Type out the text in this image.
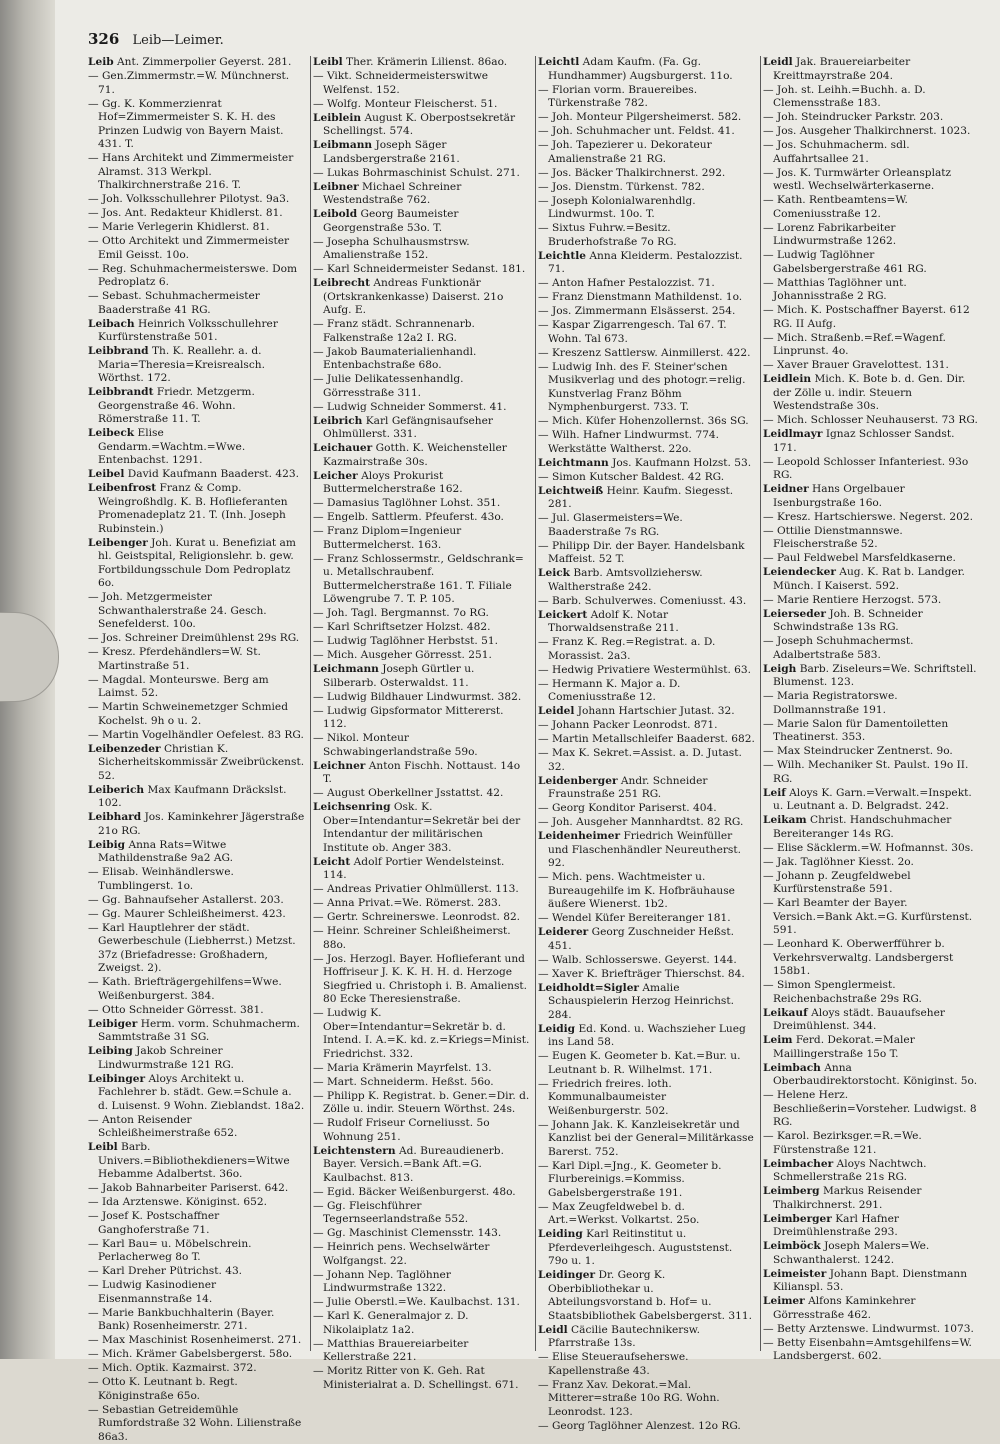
326 Leib—Leimer.
Leib Ant. Zimmerpolier Geyerst. 281.
— Gen.Zimmermstr.=W. Münchnerst. 71.
— Gg. K. Kommerzienrat Hof=Zimmermeister S. K. H. des Prinzen Ludwig von Bayern Maist. 431. T.
— Hans Architekt und Zimmermeister Alramst. 313 Werkpl. Thalkirchnerstraße 216. T.
— Joh. Volksschullehrer Pilotyst. 9a3.
— Jos. Ant. Redakteur Khidlerst. 81.
— Marie Verlegerin Khidlerst. 81.
— Otto Architekt und Zimmermeister Emil Geisst. 10o.
— Reg. Schuhmachermeisterswe. Dom Pedroplatz 6.
— Sebast. Schuhmachermeister Baaderstraße 41 RG.
Leibach Heinrich Volksschullehrer Kurfürstenstraße 501.
Leibbrand Th. K. Reallehr. a. d. Maria=Theresia=Kreisrealsch. Wörthst. 172.
Leibbrandt Friedr. Metzgerm. Georgenstraße 46. Wohn. Römerstraße 11. T.
Leibeck Elise Gendarm.=Wachtm.=Wwe. Entenbachst. 1291.
Leibel David Kaufmann Baaderst. 423.
Leibenfrost Franz & Comp. Weingroßhdlg. K. B. Hoflieferanten Promenadeplatz 21. T. (Inh. Joseph Rubinstein.)
Leibenger Joh. Kurat u. Benefiziat am hl. Geistspital, Religionslehr. b. gew. Fortbildungsschule Dom Pedroplatz 6o.
— Joh. Metzgermeister Schwanthalerstraße 24. Gesch. Senefelderst. 10o.
— Jos. Schreiner Dreimühlenst 29s RG.
— Kresz. Pferdehändlers=W. St. Martinstraße 51.
— Magdal. Monteurswe. Berg am Laimst. 52.
— Martin Schweinemetzger Schmied Kochelst. 9h o u. 2.
— Martin Vogelhändler Oefelest. 83 RG.
Leibenzeder Christian K. Sicherheitskommissär Zweibrückenst. 52.
Leiberich Max Kaufmann Dräckslst. 102.
Leibhard Jos. Kaminkehrer Jägerstraße 21o RG.
Leibig Anna Rats=Witwe Mathildenstraße 9a2 AG.
— Elisab. Weinhändlerswe. Tumblingerst. 1o.
— Gg. Bahnaufseher Astallerst. 203.
— Gg. Maurer Schleißheimerst. 423.
— Karl Hauptlehrer der städt. Gewerbeschule (Liebherrst.) Metzst. 37z (Briefadresse: Großhadern, Zweigst. 2).
— Kath. Briefträgergehilfens=Wwe. Weißenburgerst. 384.
— Otto Schneider Görresst. 381.
Leibiger Herm. vorm. Schuhmacherm. Sammtstraße 31 SG.
Leibing Jakob Schreiner Lindwurmstraße 121 RG.
Leibinger Aloys Architekt u. Fachlehrer b. städt. Gew.=Schule a. d. Luisenst. 9 Wohn. Zieblandst. 18a2.
— Anton Reisender Schleißheimerstraße 652.
Leibl Barb. Univers.=Bibliothekdieners=Witwe Hebamme Adalbertst. 36o.
— Jakob Bahnarbeiter Pariserst. 642.
— Ida Arztenswe. Königinst. 652.
— Josef K. Postschaffner Ganghoferstraße 71.
— Karl Bau= u. Möbelschrein. Perlacherweg 8o T.
— Karl Dreher Pütrichst. 43.
— Ludwig Kasinodiener Eisenmannstraße 14.
— Marie Bankbuchhalterin (Bayer. Bank) Rosenheimerstr. 271.
— Max Maschinist Rosenheimerst. 271.
— Mich. Krämer Gabelsbergerst. 58o.
— Mich. Optik. Kazmairst. 372.
— Otto K. Leutnant b. Regt. Königinstraße 65o.
— Sebastian Getreidemühle Rumfordstraße 32 Wohn. Lilienstraße 86a3.
Leibl Ther. Krämerin Lilienst. 86ao.
— Vikt. Schneidermeisterswitwe Welfenst. 152.
— Wolfg. Monteur Fleischerst. 51.
Leiblein August K. Oberpostsekretär Schellingst. 574.
Leibmann Joseph Säger Landsbergerstraße 2161.
— Lukas Bohrmaschinist Schulst. 271.
Leibner Michael Schreiner Westendstraße 762.
Leibold Georg Baumeister Georgenstraße 53o. T.
— Josepha Schulhausmstrsw. Amalienstraße 152.
— Karl Schneidermeister Sedanst. 181.
Leibrecht Andreas Funktionär (Ortskrankenkasse) Daiserst. 21o Aufg. E.
— Franz städt. Schrannenarb. Falkenstraße 12a2 I. RG.
— Jakob Baumaterialienhandl. Entenbachstraße 68o.
— Julie Delikatessenhandlg. Görresstraße 311.
— Ludwig Schneider Sommerst. 41.
Leibrich Karl Gefängnisaufseher Ohlmüllerst. 331.
Leichauer Gotth. K. Weichensteller Kazmairstraße 30s.
Leicher Aloys Prokurist Buttermelcherstraße 162.
— Damasius Taglöhner Lohst. 351.
— Engelb. Sattlerm. Pfeuferst. 43o.
— Franz Diplom=Ingenieur Buttermelcherst. 163.
— Franz Schlossermstr., Geldschrank= u. Metallschraubenf. Buttermelcherstraße 161. T. Filiale Löwengrube 7. T. P. 105.
— Joh. Tagl. Bergmannst. 7o RG.
— Karl Schriftsetzer Holzst. 482.
— Ludwig Taglöhner Herbstst. 51.
— Mich. Ausgeher Görresst. 251.
Leichmann Joseph Gürtler u. Silberarb. Osterwaldst. 11.
— Ludwig Bildhauer Lindwurmst. 382.
— Ludwig Gipsformator Mittererst. 112.
— Nikol. Monteur Schwabingerlandstraße 59o.
Leichner Anton Fischh. Nottaust. 14o T.
— August Oberkellner Jsstattst. 42.
Leichsenring Osk. K. Ober=Intendantur=Sekretär bei der Intendantur der militärischen Institute ob. Anger 383.
Leicht Adolf Portier Wendelsteinst. 114.
— Andreas Privatier Ohlmüllerst. 113.
— Anna Privat.=We. Römerst. 283.
— Gertr. Schreinerswe. Leonrodst. 82.
— Heinr. Schreiner Schleißheimerst. 88o.
— Jos. Herzogl. Bayer. Hoflieferant und Hoffriseur J. K. K. H. H. d. Herzoge Siegfried u. Christoph i. B. Amalienst. 80 Ecke Theresienstraße.
— Ludwig K. Ober=Intendantur=Sekretär b. d. Intend. I. A.=K. kd. z.=Kriegs=Minist. Friedrichst. 332.
— Maria Krämerin Mayrfelst. 13.
— Mart. Schneiderm. Heßst. 56o.
— Philipp K. Registrat. b. Gener.=Dir. d. Zölle u. indir. Steuern Wörthst. 24s.
— Rudolf Friseur Corneliusst. 5o Wohnung 251.
Leichtenstern Ad. Bureaudienerb. Bayer. Versich.=Bank Aft.=G. Kaulbachst. 813.
— Egid. Bäcker Weißenburgerst. 48o.
— Gg. Fleischführer Tegernseerlandstraße 552.
— Gg. Maschinist Clemensstr. 143.
— Heinrich pens. Wechselwärter Wolfgangst. 22.
— Johann Nep. Taglöhner Lindwurmstraße 1322.
— Julie Oberstl.=We. Kaulbachst. 131.
— Karl K. Generalmajor z. D. Nikolaiplatz 1a2.
— Matthias Brauereiarbeiter Kellerstraße 221.
— Moritz Ritter von K. Geh. Rat Ministerialrat a. D. Schellingst. 671.
Leichtl Adam Kaufm. (Fa. Gg. Hundhammer) Augsburgerst. 11o.
— Florian vorm. Brauereibes. Türkenstraße 782.
— Joh. Monteur Pilgersheimerst. 582.
— Joh. Schuhmacher unt. Feldst. 41.
— Joh. Tapezierer u. Dekorateur Amalienstraße 21 RG.
— Jos. Bäcker Thalkirchnerst. 292.
— Jos. Dienstm. Türkenst. 782.
— Joseph Kolonialwarenhdlg. Lindwurmst. 10o. T.
— Sixtus Fuhrw.=Besitz. Bruderhofstraße 7o RG.
Leichtle Anna Kleiderm. Pestalozzist. 71.
— Anton Hafner Pestalozzist. 71.
— Franz Dienstmann Mathildenst. 1o.
— Jos. Zimmermann Elsässerst. 254.
— Kaspar Zigarrengesch. Tal 67. T. Wohn. Tal 673.
— Kreszenz Sattlersw. Ainmillerst. 422.
— Ludwig Inh. des F. Steiner'schen Musikverlag und des photogr.=relig. Kunstverlag Franz Böhm Nymphenburgerst. 733. T.
— Mich. Küfer Hohenzollernst. 36s SG.
— Wilh. Hafner Lindwurmst. 774. Werkstätte Waltherst. 22o.
Leichtmann Jos. Kaufmann Holzst. 53.
— Simon Kutscher Baldest. 42 RG.
Leichtweiß Heinr. Kaufm. Siegesst. 281.
— Jul. Glasermeisters=We. Baaderstraße 7s RG.
— Philipp Dir. der Bayer. Handelsbank Maffeist. 52 T.
Leick Barb. Amtsvollziehersw. Waltherstraße 242.
— Barb. Schulverwes. Comeniusst. 43.
Leickert Adolf K. Notar Thorwaldsenstraße 211.
— Franz K. Reg.=Registrat. a. D. Morassist. 2a3.
— Hedwig Privatiere Westermühlst. 63.
— Hermann K. Major a. D. Comeniusstraße 12.
Leidel Johann Hartschier Jutast. 32.
— Johann Packer Leonrodst. 871.
— Martin Metallschleifer Baaderst. 682.
— Max K. Sekret.=Assist. a. D. Jutast. 32.
Leidenberger Andr. Schneider Fraunstraße 251 RG.
— Georg Konditor Pariserst. 404.
— Joh. Ausgeher Mannhardtst. 82 RG.
Leidenheimer Friedrich Weinfüller und Flaschenhändler Neureutherst. 92.
— Mich. pens. Wachtmeister u. Bureaugehilfe im K. Hofbräuhause äußere Wienerst. 1b2.
— Wendel Küfer Bereiteranger 181.
Leiderer Georg Zuschneider Heßst. 451.
— Walb. Schlosserswe. Geyerst. 144.
— Xaver K. Briefträger Thierschst. 84.
Leidholdt=Sigler Amalie Schauspielerin Herzog Heinrichst. 284.
Leidig Ed. Kond. u. Wachszieher Lueg ins Land 58.
— Eugen K. Geometer b. Kat.=Bur. u. Leutnant b. R. Wilhelmst. 171.
— Friedrich freires. loth. Kommunalbaumeister Weißenburgerstr. 502.
— Johann Jak. K. Kanzleisekretär und Kanzlist bei der General=Militärkasse Barerst. 752.
— Karl Dipl.=Jng., K. Geometer b. Flurbereinigs.=Kommiss. Gabelsbergerstraße 191.
— Max Zeugfeldwebel b. d. Art.=Werkst. Volkartst. 25o.
Leiding Karl Reitinstitut u. Pferdeverleihgesch. Auguststenst. 79o u. 1.
Leidinger Dr. Georg K. Oberbibliothekar u. Abteilungsvorstand b. Hof= u. Staatsbibliothek Gabelsbergerst. 311.
Leidl Cäcilie Bautechnikersw. Pfarrstraße 13s.
— Elise Steueraufseherswe. Kapellenstraße 43.
— Franz Xav. Dekorat.=Mal. Mitterer=straße 10o RG. Wohn. Leonrodst. 123.
— Georg Taglöhner Alenzest. 12o RG.
Leidl Jak. Brauereiarbeiter Kreittmayrstraße 204.
— Joh. st. Leihh.=Buchh. a. D. Clemensstraße 183.
— Joh. Steindrucker Parkstr. 203.
— Jos. Ausgeher Thalkirchnerst. 1023.
— Jos. Schuhmacherm. sdl. Auffahrtsallee 21.
— Jos. K. Turmwärter Orleansplatz westl. Wechselwärterkaserne.
— Kath. Rentbeamtens=W. Comeniusstraße 12.
— Lorenz Fabrikarbeiter Lindwurmstraße 1262.
— Ludwig Taglöhner Gabelsbergerstraße 461 RG.
— Matthias Taglöhner unt. Johannisstraße 2 RG.
— Mich. K. Postschaffner Bayerst. 612 RG. II Aufg.
— Mich. Straßenb.=Ref.=Wagenf. Linprunst. 4o.
— Xaver Brauer Gravelottest. 131.
Leidlein Mich. K. Bote b. d. Gen. Dir. der Zölle u. indir. Steuern Westendstraße 30s.
— Mich. Schlosser Neuhauserst. 73 RG.
Leidlmayr Ignaz Schlosser Sandst. 171.
— Leopold Schlosser Infanteriest. 93o RG.
Leidner Hans Orgelbauer Isenburgstraße 16o.
— Kresz. Hartschierswe. Negerst. 202.
— Ottilie Dienstmannswe. Fleischerstraße 52.
— Paul Feldwebel Marsfeldkaserne.
Leiendecker Aug. K. Rat b. Landger. Münch. I Kaiserst. 592.
— Marie Rentiere Herzogst. 573.
Leierseder Joh. B. Schneider Schwindstraße 13s RG.
— Joseph Schuhmachermst. Adalbertstraße 583.
Leigh Barb. Ziseleurs=We. Schriftstell. Blumenst. 123.
— Maria Registratorswe. Dollmannstraße 191.
— Marie Salon für Damentoiletten Theatinerst. 353.
— Max Steindrucker Zentnerst. 9o.
— Wilh. Mechaniker St. Paulst. 19o II. RG.
Leif Aloys K. Garn.=Verwalt.=Inspekt. u. Leutnant a. D. Belgradst. 242.
Leikam Christ. Handschuhmacher Bereiteranger 14s RG.
— Elise Säcklerm.=W. Hofmannst. 30s.
— Jak. Taglöhner Kiesst. 2o.
— Johann p. Zeugfeldwebel Kurfürstenstraße 591.
— Karl Beamter der Bayer. Versich.=Bank Akt.=G. Kurfürstenst. 591.
— Leonhard K. Oberwerfführer b. Verkehrsverwaltg. Landsbergerst 158b1.
— Simon Spenglermeist. Reichenbachstraße 29s RG.
Leikauf Aloys städt. Bauaufseher Dreimühlenst. 344.
Leim Ferd. Dekorat.=Maler Maillingerstraße 15o T.
Leimbach Anna Oberbaudirektorstocht. Königinst. 5o.
— Helene Herz. Beschließerin=Vorsteher. Ludwigst. 8 RG.
— Karol. Bezirksger.=R.=We. Fürstenstraße 121.
Leimbacher Aloys Nachtwch. Schmellerstraße 21s RG.
Leimberg Markus Reisender Thalkirchnerst. 291.
Leimberger Karl Hafner Dreimühlenstraße 293.
Leimböck Joseph Malers=We. Schwanthalerst. 1242.
Leimeister Johann Bapt. Dienstmann Kilianspl. 53.
Leimer Alfons Kaminkehrer Görresstraße 462.
— Betty Arztenswe. Lindwurmst. 1073.
— Betty Eisenbahn=Amtsgehilfens=W. Landsbergerst. 602.
